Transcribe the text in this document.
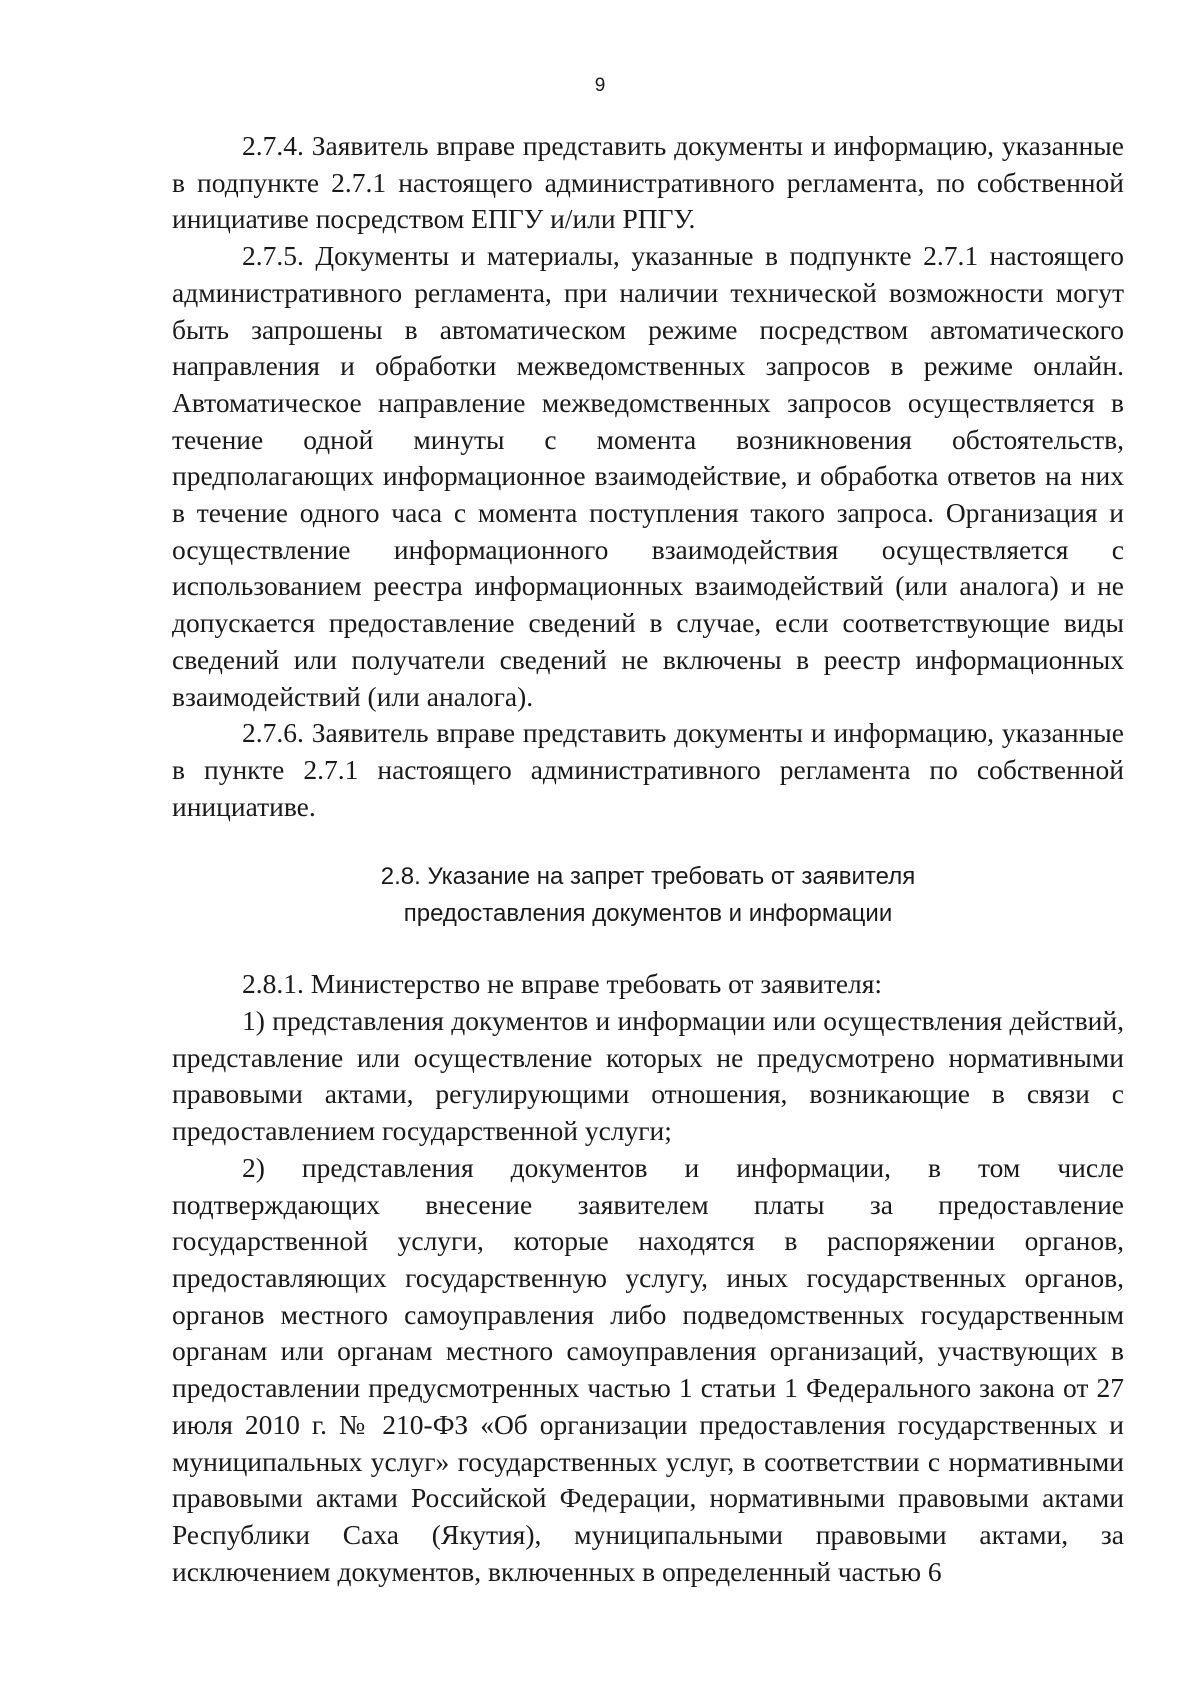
9

2.7.4. Заявитель вправе представить документы и информацию, указанные в подпункте 2.7.1 настоящего административного регламента, по собственной инициативе посредством ЕПГУ и/или РПГУ.

2.7.5. Документы и материалы, указанные в подпункте 2.7.1 настоящего административного регламента, при наличии технической возможности могут быть запрошены в автоматическом режиме посредством автоматического направления и обработки межведомственных запросов в режиме онлайн. Автоматическое направление межведомственных запросов осуществляется в течение одной минуты с момента возникновения обстоятельств, предполагающих информационное взаимодействие, и обработка ответов на них в течение одного часа с момента поступления такого запроса. Организация и осуществление информационного взаимодействия осуществляется с использованием реестра информационных взаимодействий (или аналога) и не допускается предоставление сведений в случае, если соответствующие виды сведений или получатели сведений не включены в реестр информационных взаимодействий (или аналога).

2.7.6. Заявитель вправе представить документы и информацию, указанные в пункте 2.7.1 настоящего административного регламента по собственной инициативе.

2.8. Указание на запрет требовать от заявителя
предоставления документов и информации

2.8.1. Министерство не вправе требовать от заявителя:

1) представления документов и информации или осуществления действий, представление или осуществление которых не предусмотрено нормативными правовыми актами, регулирующими отношения, возникающие в связи с предоставлением государственной услуги;

2) представления документов и информации, в том числе подтверждающих внесение заявителем платы за предоставление государственной услуги, которые находятся в распоряжении органов, предоставляющих государственную услугу, иных государственных органов, органов местного самоуправления либо подведомственных государственным органам или органам местного самоуправления организаций, участвующих в предоставлении предусмотренных частью 1 статьи 1 Федерального закона от 27 июля 2010 г. № 210-ФЗ «Об организации предоставления государственных и муниципальных услуг» государственных услуг, в соответствии с нормативными правовыми актами Российской Федерации, нормативными правовыми актами Республики Саха (Якутия), муниципальными правовыми актами, за исключением документов, включенных в определенный частью 6
